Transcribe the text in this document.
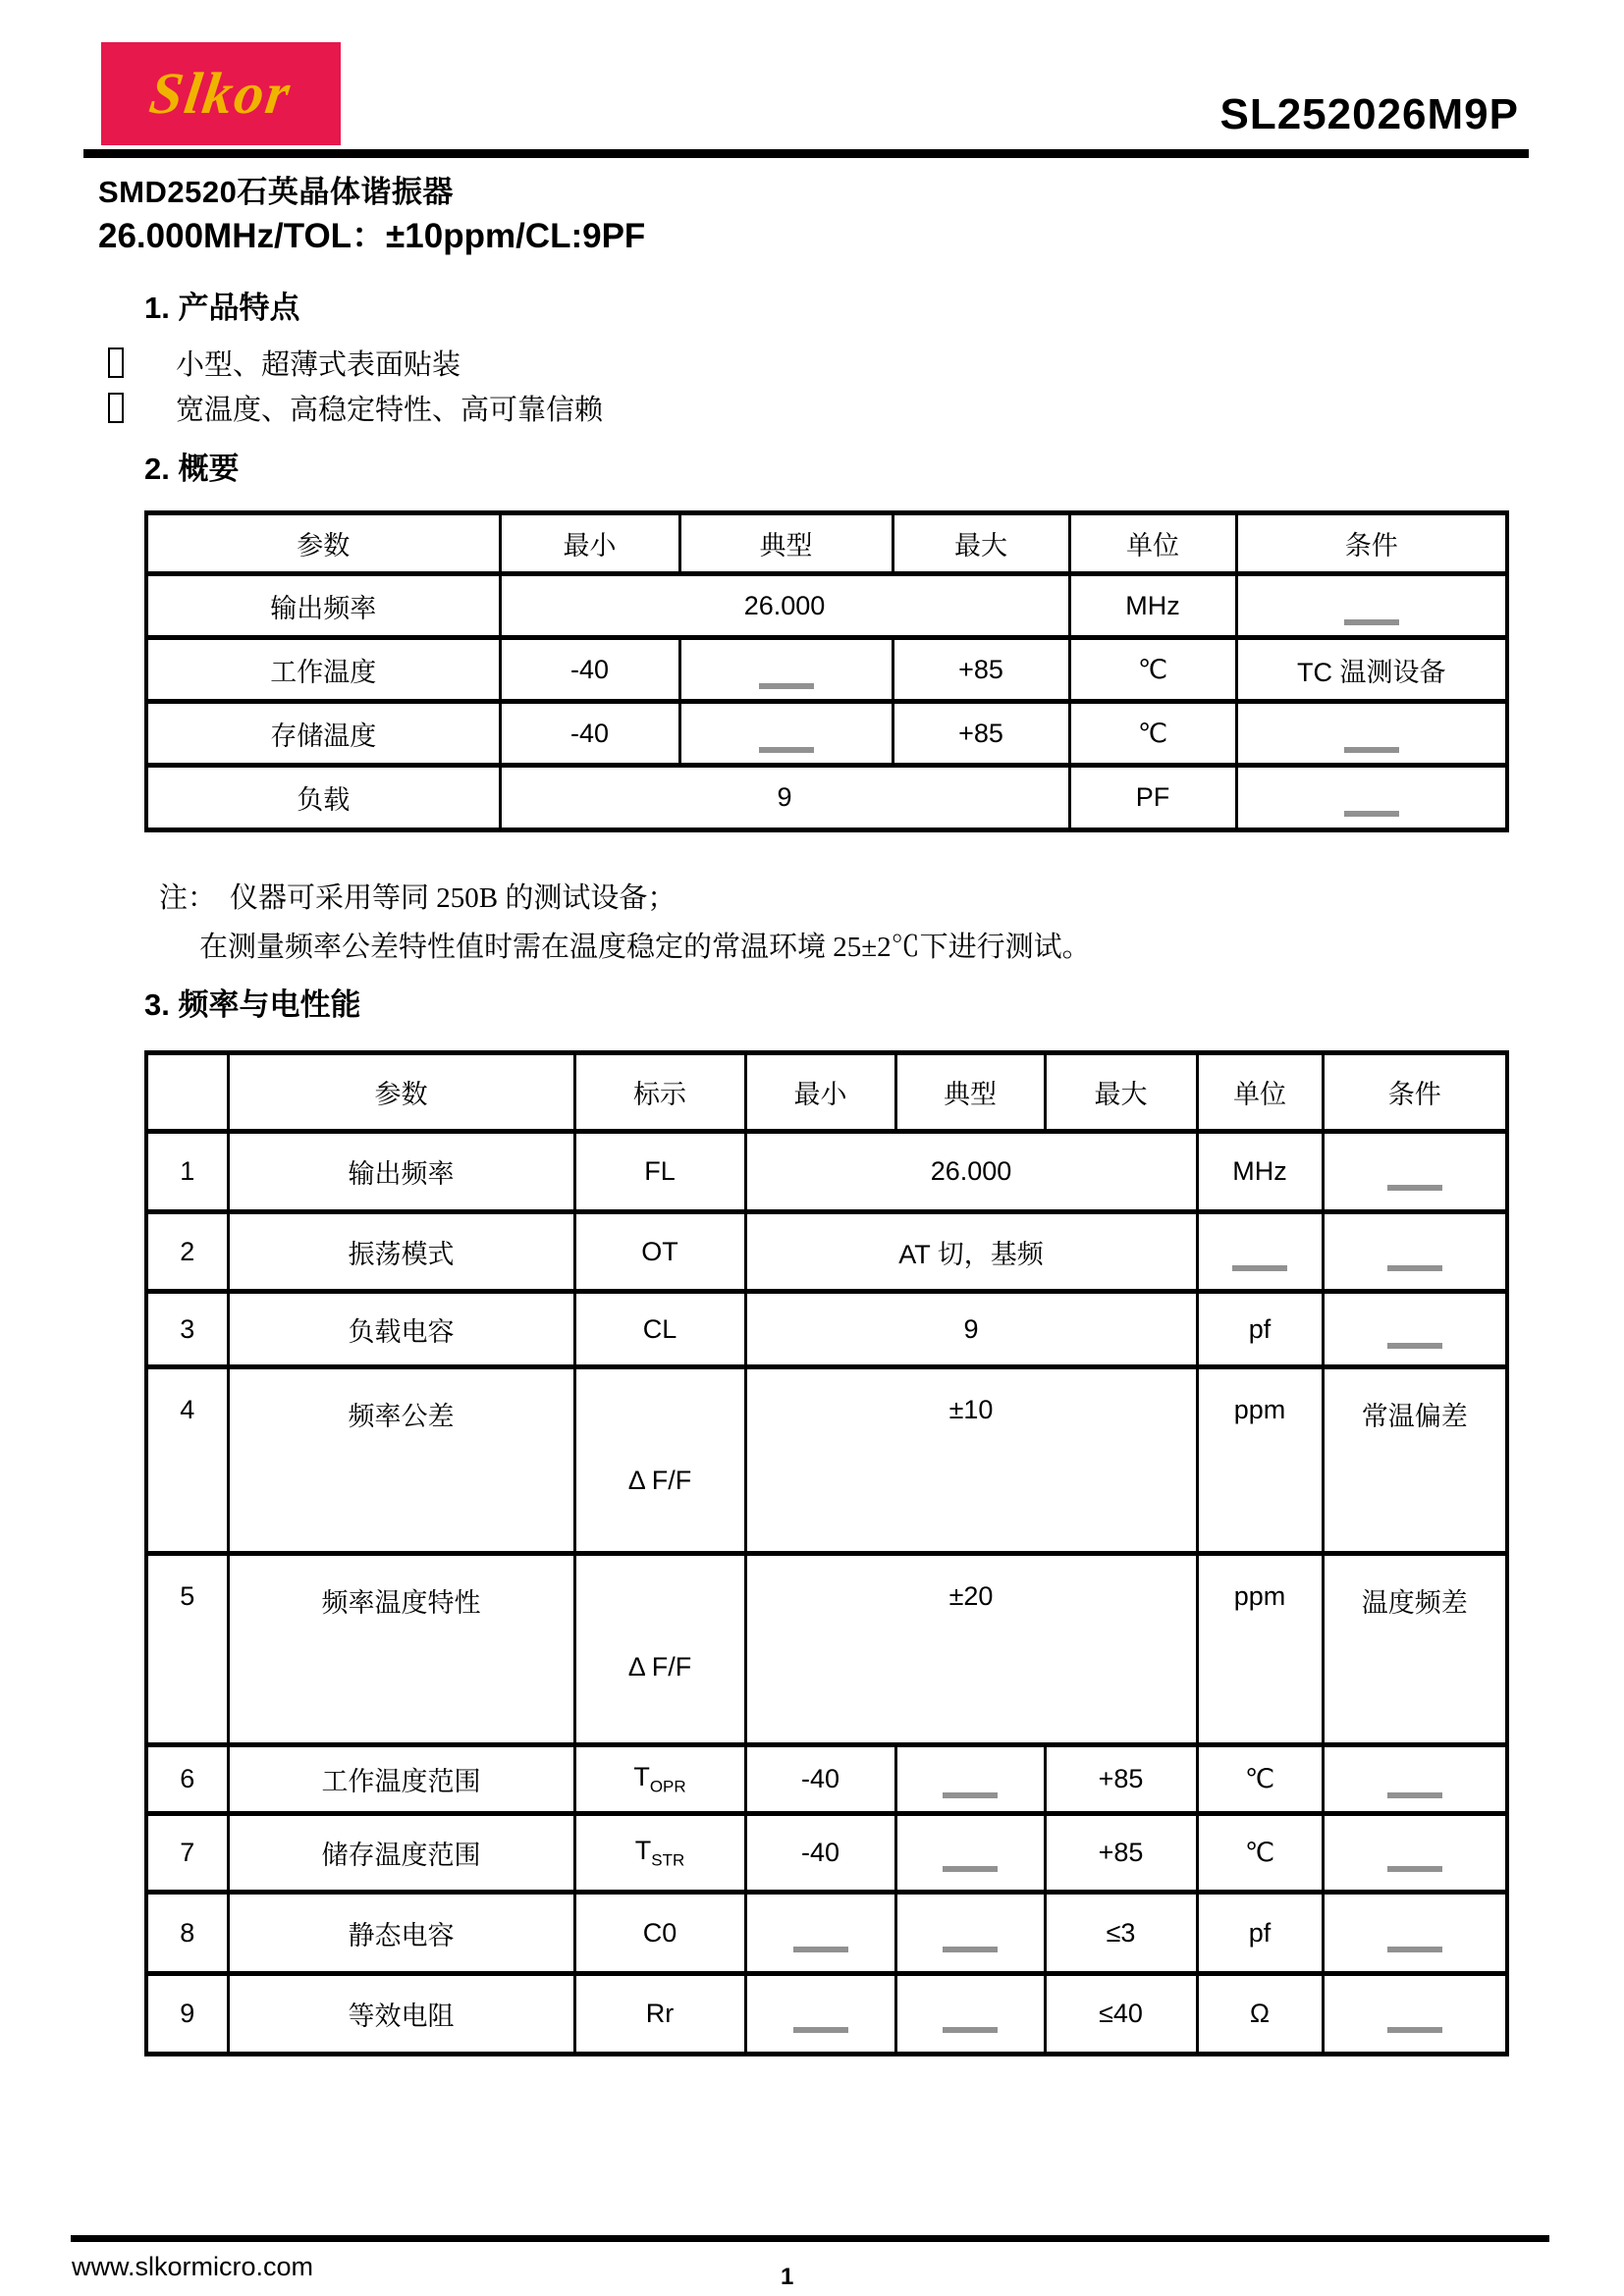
Slkor	SL252026M9P
SMD2520石英晶体谐振器
26.000MHz/TOL：±10ppm/CL:9PF
1. 产品特点
小型、超薄式表面贴装
宽温度、高稳定特性、高可靠信赖
2. 概要
参数	最小	典型	最大	单位	条件
输出频率	26.000			MHz	
工作温度	-40		+85	℃	TC 温测设备
存储温度	-40		+85	℃	
负载	9			PF	
注： 仪器可采用等同 250B 的测试设备；
在测量频率公差特性值时需在温度稳定的常温环境 25±2℃下进行测试。
3. 频率与电性能
	参数	标示	最小	典型	最大	单位	条件
1	输出频率	FL	26.000			MHz	
2	振荡模式	OT	AT 切，基频				
3	负载电容	CL	9			pf	
4	频率公差	Δ F/F	±10			ppm	常温偏差
5	频率温度特性	Δ F/F	±20			ppm	温度频差
6	工作温度范围	$T_{OPR}$	-40		+85	℃	
7	储存温度范围	$T_{STR}$	-40		+85	℃	
8	静态电容	C0			≤3	pf	
9	等效电阻	Rr			≤40	Ω	
www.slkormicro.com	1
